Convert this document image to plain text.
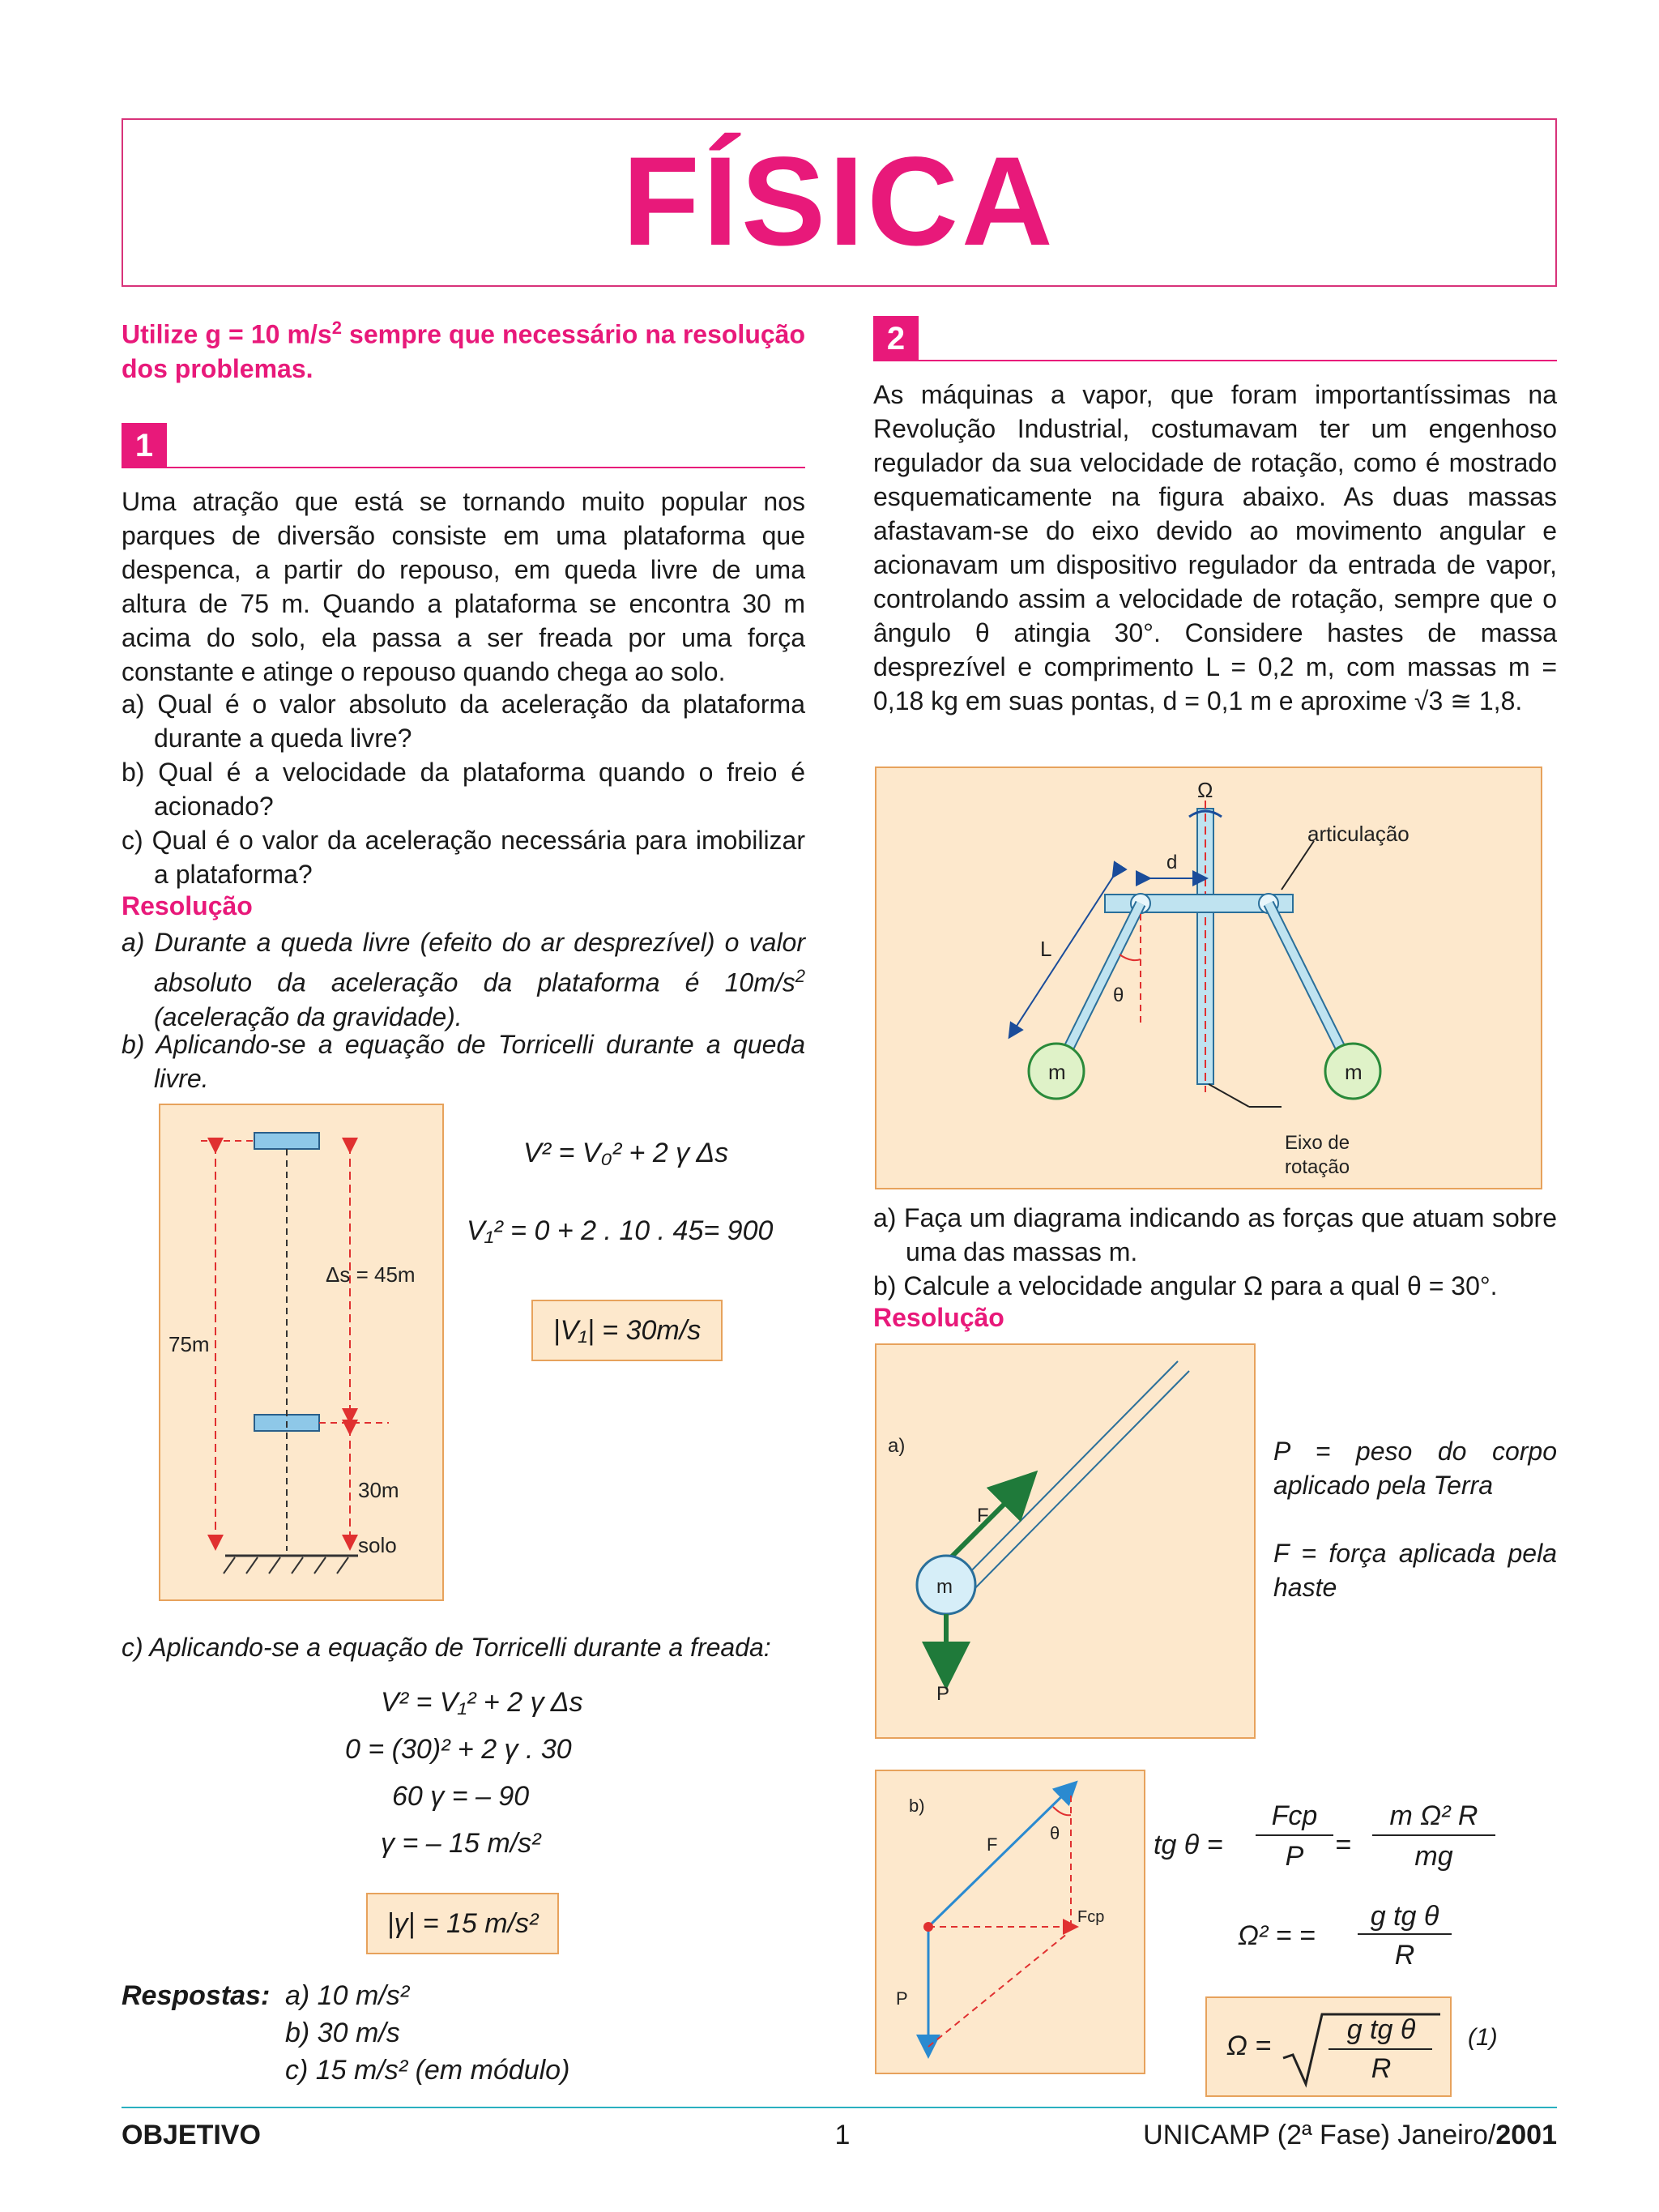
FÍSICA
Utilize g = 10 $m/s^2$ sempre que necessário na resolução dos problemas.
1
Uma atração que está se tornando muito popular nos parques de diversão consiste em uma plataforma que despenca, a partir do repouso, em queda livre de uma altura de 75 m. Quando a plataforma se encontra 30 m acima do solo, ela passa a ser freada por uma força constante e atinge o repouso quando chega ao solo.
a) Qual é o valor absoluto da aceleração da plataforma durante a queda livre?
b) Qual é a velocidade da plataforma quando o freio é acionado?
c) Qual é o valor da aceleração necessária para imobilizar a plataforma?
Resolução
a) Durante a queda livre (efeito do ar desprezível) o valor absoluto da aceleração da plataforma é $10m/s^2$ (aceleração da gravidade).
b) Aplicando-se a equação de Torricelli durante a queda livre.
75m
Δs = 45m
30m
solo
V² = V₀² + 2 γ Δs
V₁² = 0 + 2 . 10 . 45= 900
|V₁| = 30m/s
c) Aplicando-se a equação de Torricelli durante a freada:
V² = V₁² + 2 γ Δs
0 = (30)² + 2 γ . 30
60 γ = – 90
γ = – 15 m/s²
|γ| = 15 m/s²
Respostas: a) 10 m/s²
b) 30 m/s
c) 15 m/s² (em módulo)
2
As máquinas a vapor, que foram importantíssimas na Revolução Industrial, costumavam ter um engenhoso regulador da sua velocidade de rotação, como é mostrado esquematicamente na figura abaixo. As duas massas afastavam-se do eixo devido ao movimento angular e acionavam um dispositivo regulador da entrada de vapor, controlando assim a velocidade de rotação, sempre que o ângulo θ atingia 30°. Considere hastes de massa desprezível e comprimento L = 0,2 m, com massas m = 0,18 kg em suas pontas, d = 0,1 m e aproxime √3 ≅ 1,8.
Ω
m	m
θ
L
d
articulação
Eixo de
rotação
a) Faça um diagrama indicando as forças que atuam sobre uma das massas m.
b) Calcule a velocidade angular Ω para a qual θ = 30°.
Resolução
a)
F
m
P
P = peso do corpo aplicado pela Terra
F = força aplicada pela haste
b)
F
θ
Fcp
P
tg θ =
Fcp
P	=
m Ω² R
mg
Ω² = =
g tg θ
R
Ω =
g tg θ
R
(1)
OBJETIVO	1	UNICAMP (2ª Fase) Janeiro/2001
